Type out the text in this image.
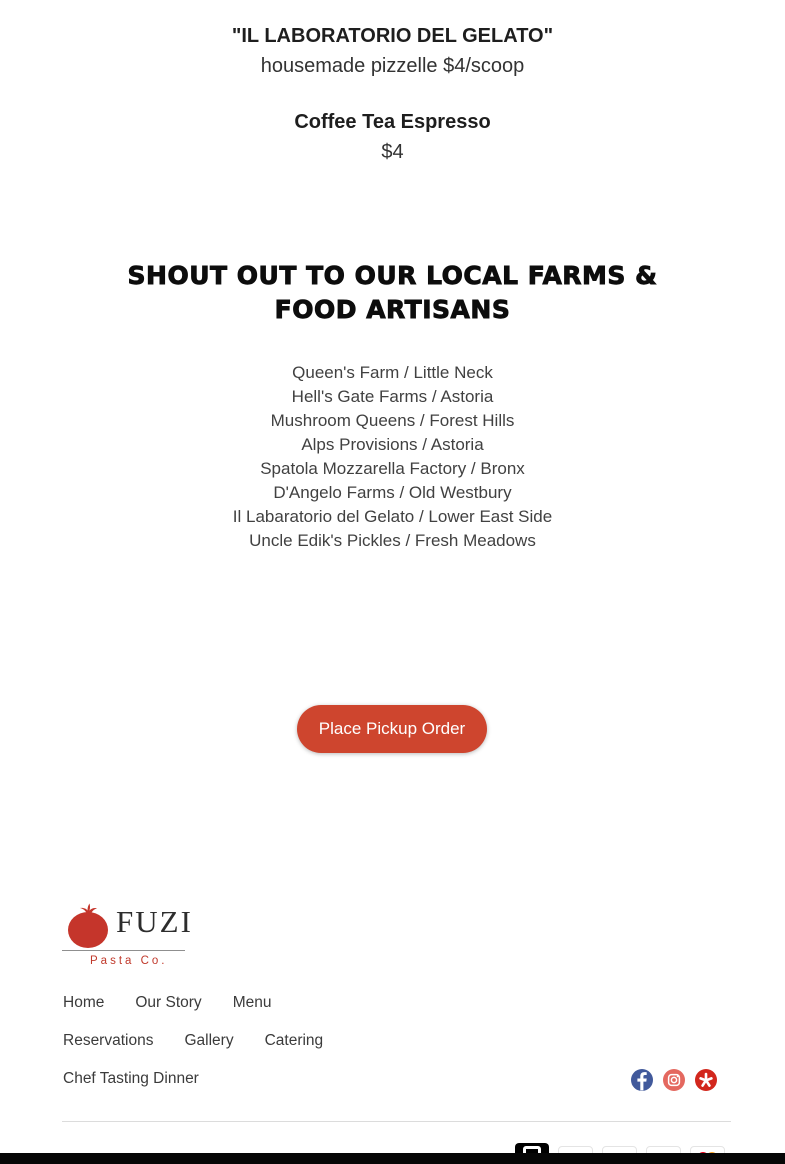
"IL LABORATORIO DEL GELATO"
housemade pizzelle $4/scoop
Coffee Tea Espresso
$4
SHOUT OUT TO OUR LOCAL FARMS &
FOOD ARTISANS
Queen's Farm / Little Neck
Hell's Gate Farms / Astoria
Mushroom Queens / Forest Hills
Alps Provisions / Astoria
Spatola Mozzarella Factory / Bronx
D'Angelo Farms / Old Westbury
Il Labaratorio del Gelato / Lower East Side
Uncle Edik's Pickles / Fresh Meadows
Place Pickup Order
FUZI
Pasta Co.
Home Our Story Menu
Reservations Gallery Catering
Chef Tasting Dinner
